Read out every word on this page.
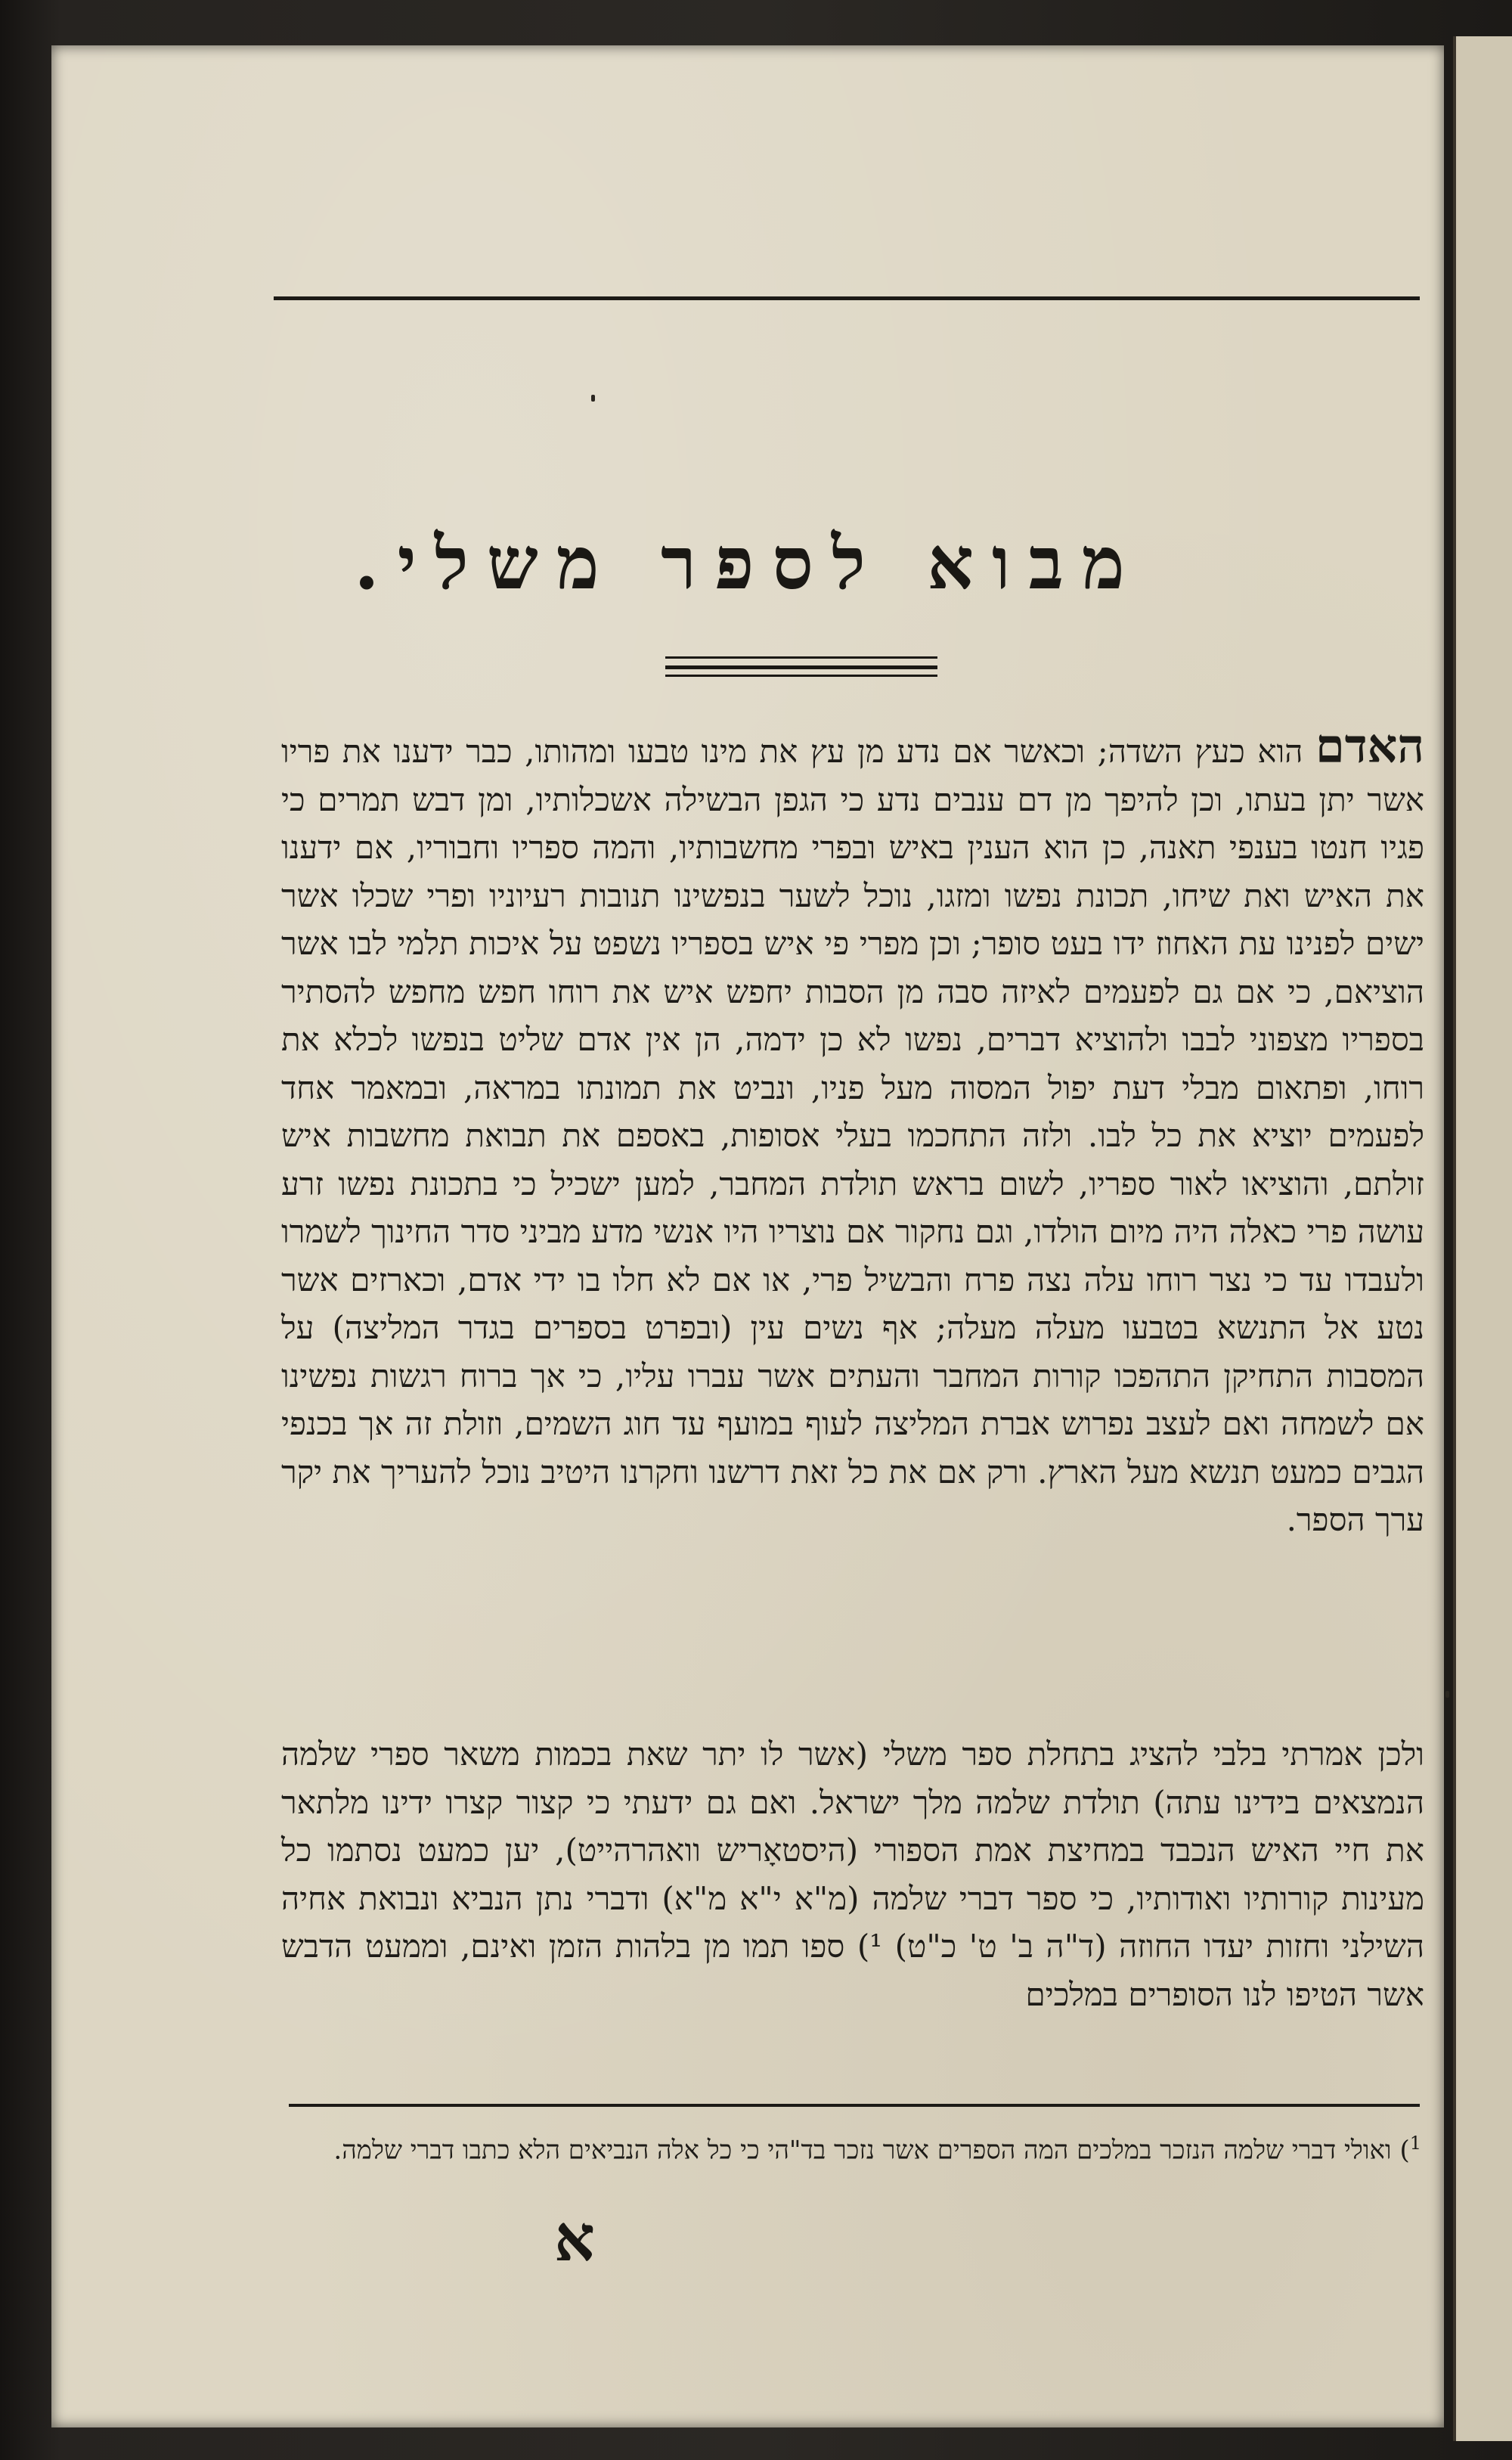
מבוא לספר משלי.

האדם הוא כעץ השדה; וכאשר אם נדע מן עץ את מינו טבעו ומהותו, כבר ידענו את פריו אשר יתן בעתו, וכן להיפך מן דם ענבים נדע כי הגפן הבשילה אשכלותיו, ומן דבש תמרים כי פגיו חנטו בענפי תאנה, כן הוא הענין באיש ובפרי מחשבותיו, והמה ספריו וחבוריו, אם ידענו את האיש ואת שיחו, תכונת נפשו ומזגו, נוכל לשער בנפשינו תנובות רעיוניו ופרי שכלו אשר ישים לפנינו עת האחוז ידו בעט סופר; וכן מפרי פי איש בספריו נשפט על איכות תלמי לבו אשר הוציאם, כי אם גם לפעמים לאיזה סבה מן הסבות יחפש איש את רוחו חפש מחפש להסתיר בספריו מצפוני לבבו ולהוציא דברים, נפשו לא כן ידמה, הן אין אדם שליט בנפשו לכלא את רוחו, ופתאום מבלי דעת יפול המסוה מעל פניו, ונביט את תמונתו במראה, ובמאמר אחד לפעמים יוציא את כל לבו. ולזה התחכמו בעלי אסופות, באספם את תבואת מחשבות איש זולתם, והוציאו לאור ספריו, לשום בראש תולדת המחבר, למען ישכיל כי בתכונת נפשו זרע עושה פרי כאלה היה מיום הולדו, וגם נחקור אם נוצריו היו אנשי מדע מביני סדר החינוך לשמרו ולעבדו עד כי נצר רוחו עלה נצה פרח והבשיל פרי, או אם לא חלו בו ידי אדם, וכארזים אשר נטע אל התנשא בטבעו מעלה מעלה; אף נשים עין (ובפרט בספרים בגדר המליצה) על המסבות התחיקן התהפכו קורות המחבר והעתים אשר עברו עליו, כי אך ברוח רגשות נפשינו אם לשמחה ואם לעצב נפרוש אברת המליצה לעוף במועף עד חוג השמים, וזולת זה אך בכנפי הגבים כמעט תנשא מעל הארץ. ורק אם את כל זאת דרשנו וחקרנו היטיב נוכל להעריך את יקר ערך הספר.

ולכן אמרתי בלבי להציג בתחלת ספר משלי (אשר לו יתר שאת בכמות משאר ספרי שלמה הנמצאים בידינו עתה) תולדת שלמה מלך ישראל. ואם גם ידעתי כי קצור קצרו ידינו מלתאר את חיי האיש הנכבד במחיצת אמת הספורי (היסטאָריש וואהרהייט), יען כמעט נסתמו כל מעינות קורותיו ואודותיו, כי ספר דברי שלמה (מ"א י"א מ"א) ודברי נתן הנביא ונבואת אחיה השילני וחזות יעדו החוזה (ד"ה ב' ט' כ"ט) ¹) ספו תמו מן בלהות הזמן ואינם, וממעט הדבש אשר הטיפו לנו הסופרים במלכים

$^1$) ואולי דברי שלמה הנזכר במלכים המה הספרים אשר נזכר בד"הי כי כל אלה הנביאים הלא כתבו דברי שלמה.

א
